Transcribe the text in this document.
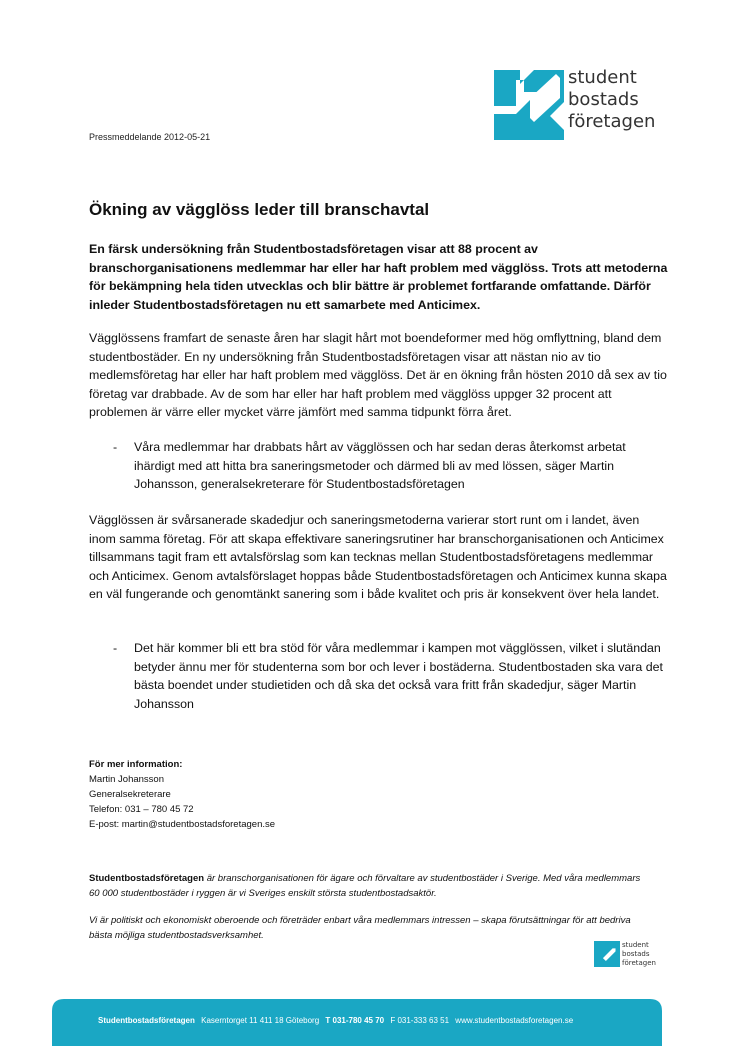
Pressmeddelande 2012-05-21
student
bostads
företagen
Ökning av vägglöss leder till branschavtal
En färsk undersökning från Studentbostadsföretagen visar att 88 procent av branschorganisationens medlemmar har eller har haft problem med vägglöss. Trots att metoderna för bekämpning hela tiden utvecklas och blir bättre är problemet fortfarande omfattande. Därför inleder Studentbostadsföretagen nu ett samarbete med Anticimex.
Vägglössens framfart de senaste åren har slagit hårt mot boendeformer med hög omflyttning, bland dem studentbostäder. En ny undersökning från Studentbostadsföretagen visar att nästan nio av tio medlemsföretag har eller har haft problem med vägglöss. Det är en ökning från hösten 2010 då sex av tio företag var drabbade. Av de som har eller har haft problem med vägglöss uppger 32 procent att problemen är värre eller mycket värre jämfört med samma tidpunkt förra året.
- Våra medlemmar har drabbats hårt av vägglössen och har sedan deras återkomst arbetat ihärdigt med att hitta bra saneringsmetoder och därmed bli av med lössen, säger Martin Johansson, generalsekreterare för Studentbostadsföretagen
Vägglössen är svårsanerade skadedjur och saneringsmetoderna varierar stort runt om i landet, även inom samma företag. För att skapa effektivare saneringsrutiner har branschorganisationen och Anticimex tillsammans tagit fram ett avtalsförslag som kan tecknas mellan Studentbostadsföretagens medlemmar och Anticimex. Genom avtalsförslaget hoppas både Studentbostadsföretagen och Anticimex kunna skapa en väl fungerande och genomtänkt sanering som i både kvalitet och pris är konsekvent över hela landet.
- Det här kommer bli ett bra stöd för våra medlemmar i kampen mot vägglössen, vilket i slutändan betyder ännu mer för studenterna som bor och lever i bostäderna. Studentbostaden ska vara det bästa boendet under studietiden och då ska det också vara fritt från skadedjur, säger Martin Johansson
För mer information:
Martin Johansson
Generalsekreterare
Telefon: 031 – 780 45 72
E-post: martin@studentbostadsforetagen.se
Studentbostadsföretagen är branschorganisationen för ägare och förvaltare av studentbostäder i Sverige. Med våra medlemmars 60 000 studentbostäder i ryggen är vi Sveriges enskilt största studentbostadsaktör.
Vi är politiskt och ekonomiskt oberoende och företräder enbart våra medlemmars intressen – skapa förutsättningar för att bedriva bästa möjliga studentbostadsverksamhet.
student
bostads
företagen
Studentbostadsföretagen Kaserntorget 11 411 18 Göteborg T 031-780 45 70 F 031-333 63 51 www.studentbostadsforetagen.se
